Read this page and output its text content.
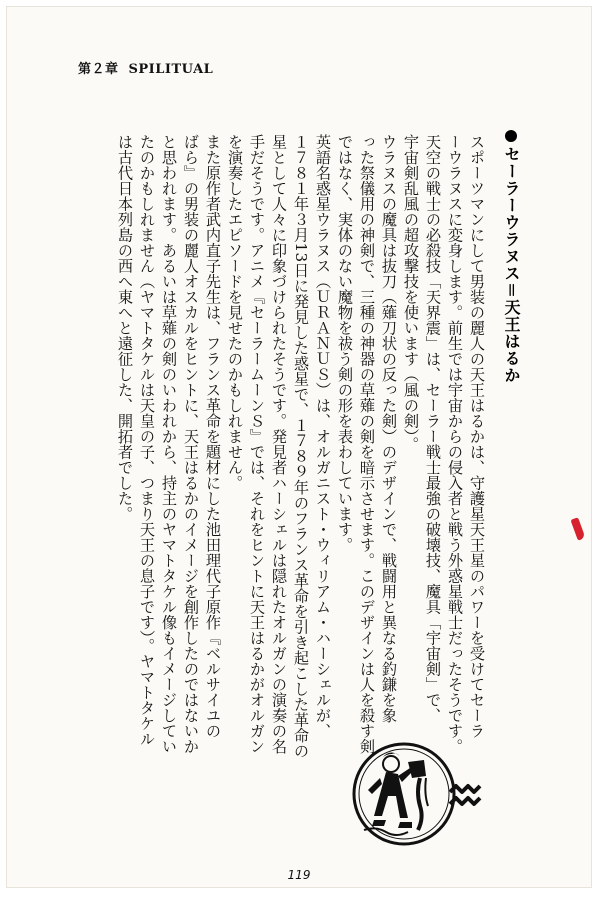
第２章 SPILITUAL
セーラーウラヌス＝天王はるか
スポーツマンにして男装の麗人の天王はるかは、守護星天王星のパワーを受けてセーラ
ーウラヌスに変身します。前生では宇宙からの侵入者と戦う外惑星戦士だったそうです。
天空の戦士の必殺技「天界震」は、セーラー戦士最強の破壊技、魔具「宇宙剣」で、
宇宙剣乱風の超攻撃技を使います（風の剣）。
ウラヌスの魔具は抜刀（薙刀状の反った剣）のデザインで、戦闘用と異なる釣鎌を象
った祭儀用の神剣で、三種の神器の草薙の剣を暗示させます。このデザインは人を殺す剣
ではなく、実体のない魔物を祓う剣の形を表わしています。
英語名惑星ウラヌス（ＵＲＡＮＵＳ）は、オルガニスト・ウィリアム・ハーシェルが、
１７８１年３月13日に発見した惑星で、１７８９年のフランス革命を引き起こした革命の
星として人々に印象づけられたそうです。発見者ハーシェルは隠れたオルガンの演奏の名
手だそうです。アニメ『セーラームーンＳ』では、それをヒントに天王はるかがオルガン
を演奏したエピソードを見せたのかもしれません。
また原作者武内直子先生は、フランス革命を題材にした池田理代子原作『ベルサイユの
ばら』の男装の麗人オスカルをヒントに、天王はるかのイメージを創作したのではないか
と思われます。あるいは草薙の剣のいわれから、持主のヤマトタケル像もイメージしてい
たのかもしれません（ヤマトタケルは天皇の子、つまり天王の息子です）。ヤマトタケル
は古代日本列島の西へ東へと遠征した、開拓者でした。
119
